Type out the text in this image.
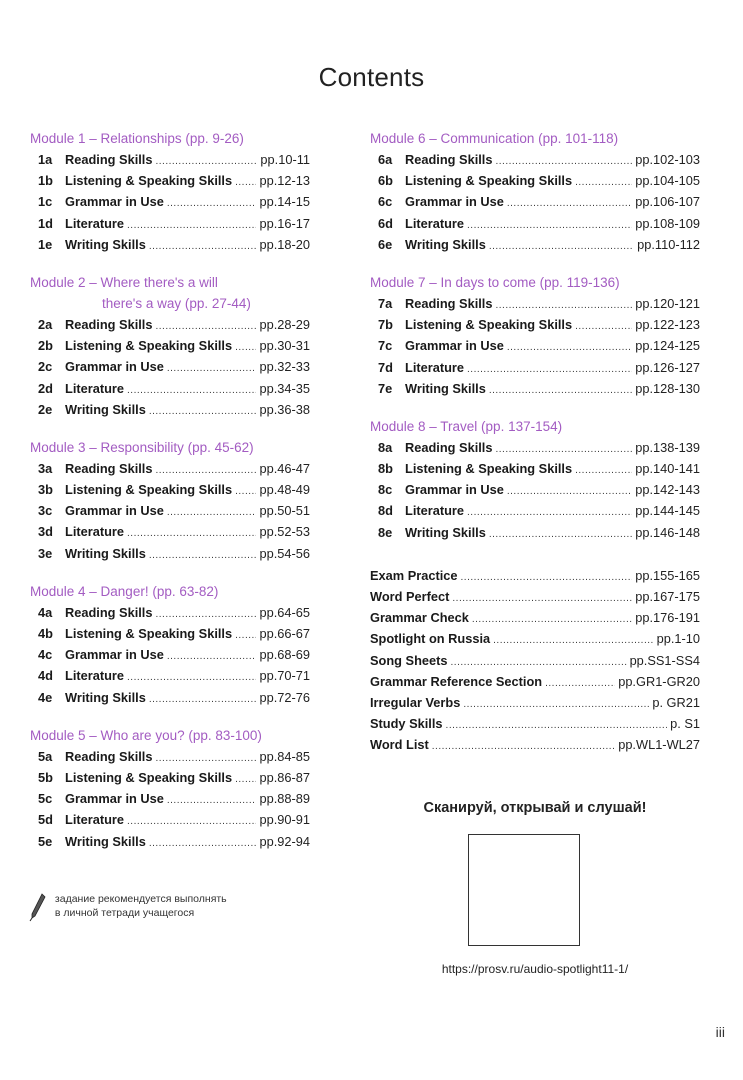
Contents
Module 1 – Relationships (pp. 9-26)
1a Reading Skills .....	pp.10-11
1b Listening & Speaking Skills ..... pp.12-13
1c Grammar in Use .....	pp.14-15
1d Literature .....	pp.16-17
1e Writing Skills .....	pp.18-20
Module 2 – Where there's a will
there's a way (pp. 27-44)
2a Reading Skills .....	pp.28-29
2b Listening & Speaking Skills ..... pp.30-31
2c Grammar in Use .....	pp.32-33
2d Literature .....	pp.34-35
2e Writing Skills .....	pp.36-38
Module 3 – Responsibility (pp. 45-62)
3a Reading Skills .....	pp.46-47
3b Listening & Speaking Skills ..... pp.48-49
3c Grammar in Use .....	pp.50-51
3d Literature .....	pp.52-53
3e Writing Skills .....	pp.54-56
Module 4 – Danger! (pp. 63-82)
4a Reading Skills .....	pp.64-65
4b Listening & Speaking Skills ..... pp.66-67
4c Grammar in Use .....	pp.68-69
4d Literature .....	pp.70-71
4e Writing Skills .....	pp.72-76
Module 5 – Who are you? (pp. 83-100)
5a Reading Skills .....	pp.84-85
5b Listening & Speaking Skills ..... pp.86-87
5c Grammar in Use .....	pp.88-89
5d Literature .....	pp.90-91
5e Writing Skills .....	pp.92-94
Module 6 – Communication (pp. 101-118)
6a Reading Skills .....	pp.102-103
6b Listening & Speaking Skills .....	pp.104-105
6c Grammar in Use .....	pp.106-107
6d Literature .....	pp.108-109
6e Writing Skills .....	pp.110-112
Module 7 – In days to come (pp. 119-136)
7a Reading Skills .....	pp.120-121
7b Listening & Speaking Skills .....	pp.122-123
7c Grammar in Use .....	pp.124-125
7d Literature .....	pp.126-127
7e Writing Skills .....	pp.128-130
Module 8 – Travel (pp. 137-154)
8a Reading Skills .....	pp.138-139
8b Listening & Speaking Skills .....	pp.140-141
8c Grammar in Use .....	pp.142-143
8d Literature .....	pp.144-145
8e Writing Skills .....	pp.146-148
Exam Practice .....	pp.155-165
Word Perfect .....	pp.167-175
Grammar Check .....	pp.176-191
Spotlight on Russia .....	pp.1-10
Song Sheets .....	pp.SS1-SS4
Grammar Reference Section .....	pp.GR1-GR20
Irregular Verbs .....	p. GR21
Study Skills .....	p. S1
Word List .....	pp.WL1-WL27
задание рекомендуется выполнять
в личной тетради учащегося
Сканируй, открывай и слушай!
https://prosv.ru/audio-spotlight11-1/
iii
